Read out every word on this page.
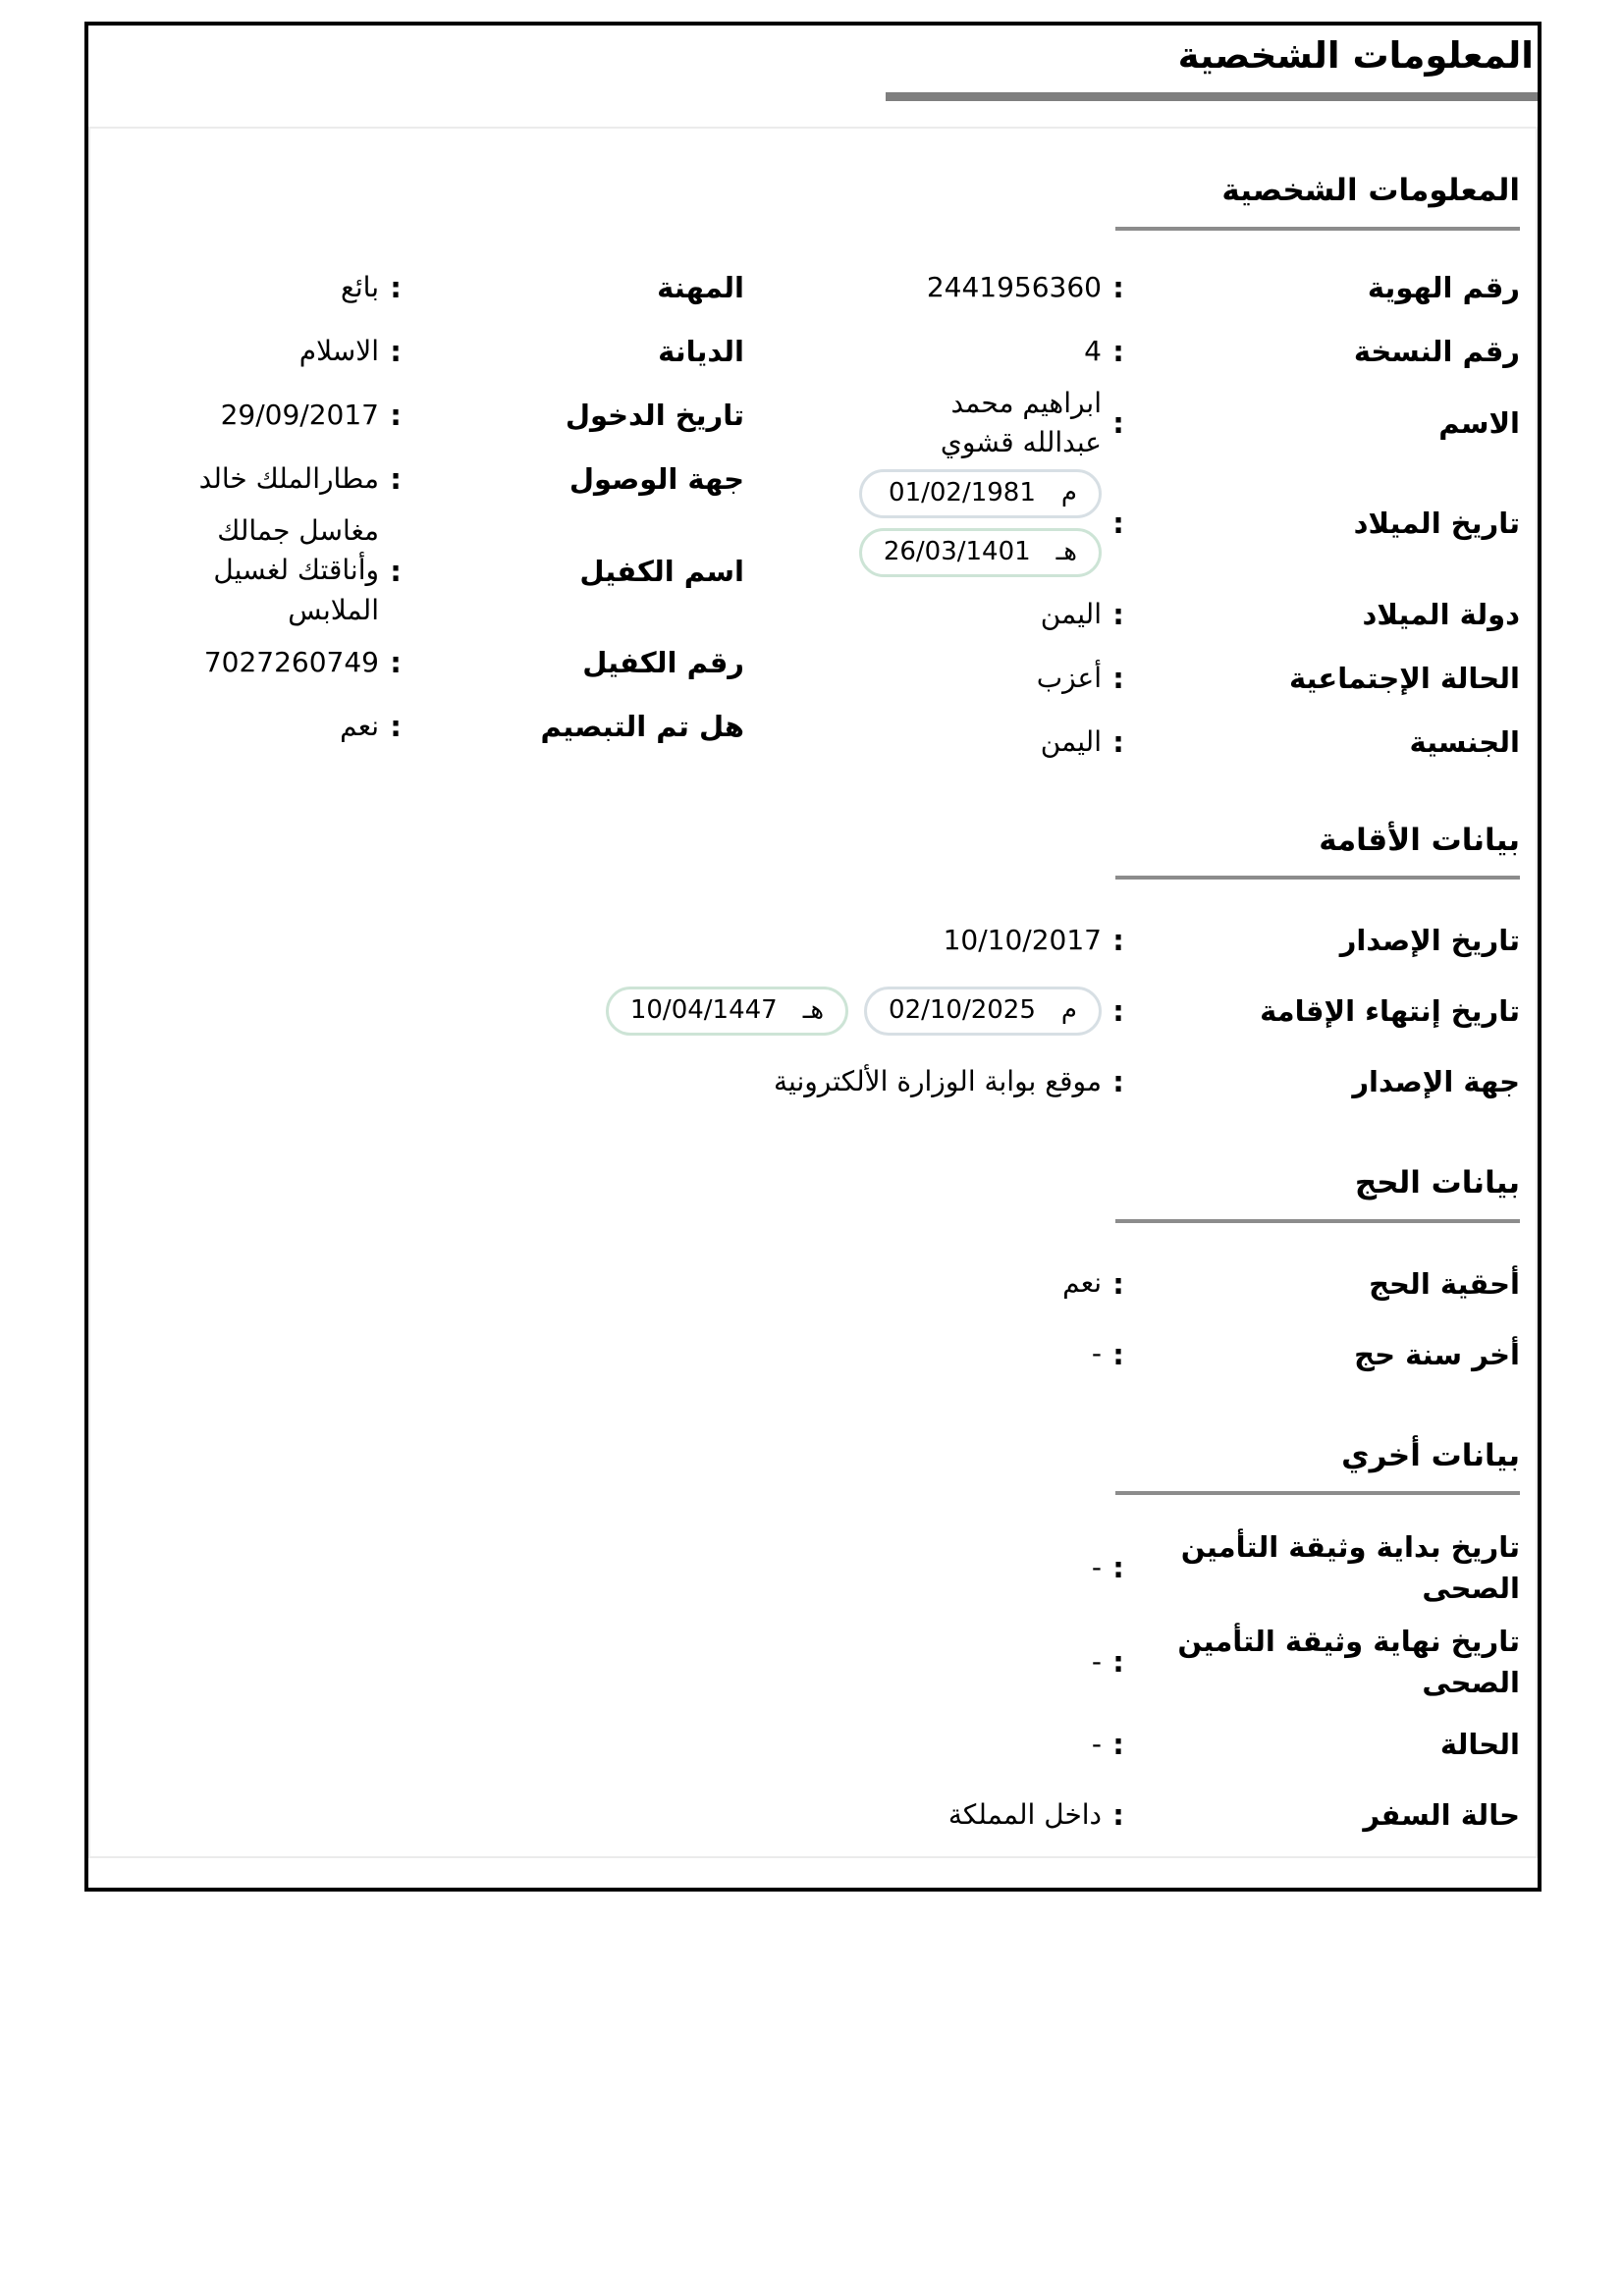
المعلومات الشخصية
المعلومات الشخصية
رقم الهوية
:
2441956360
رقم النسخة
:
4
الاسم
:
ابراهيم محمد عبدالله قشوي
تاريخ الميلاد
:
م
01/02/1981
هـ
26/03/1401
دولة الميلاد
:
اليمن
الحالة الإجتماعية
:
أعزب
الجنسية
:
اليمن
المهنة
:
بائع
الديانة
:
الاسلام
تاريخ الدخول
:
29/09/2017
جهة الوصول
:
مطارالملك خالد
اسم الكفيل
:
مغاسل جمالك وأناقتك لغسيل الملابس
رقم الكفيل
:
7027260749
هل تم التبصيم
:
نعم
بيانات الأقامة
تاريخ الإصدار
:
10/10/2017
تاريخ إنتهاء الإقامة
:
م
02/10/2025
هـ
10/04/1447
جهة الإصدار
:
موقع بوابة الوزارة الألكترونية
بيانات الحج
أحقية الحج
:
نعم
أخر سنة حج
:
-
بيانات أخري
تاريخ بداية وثيقة التأمين الصحى
:
-
تاريخ نهاية وثيقة التأمين الصحى
:
-
الحالة
:
-
حالة السفر
:
داخل المملكة
